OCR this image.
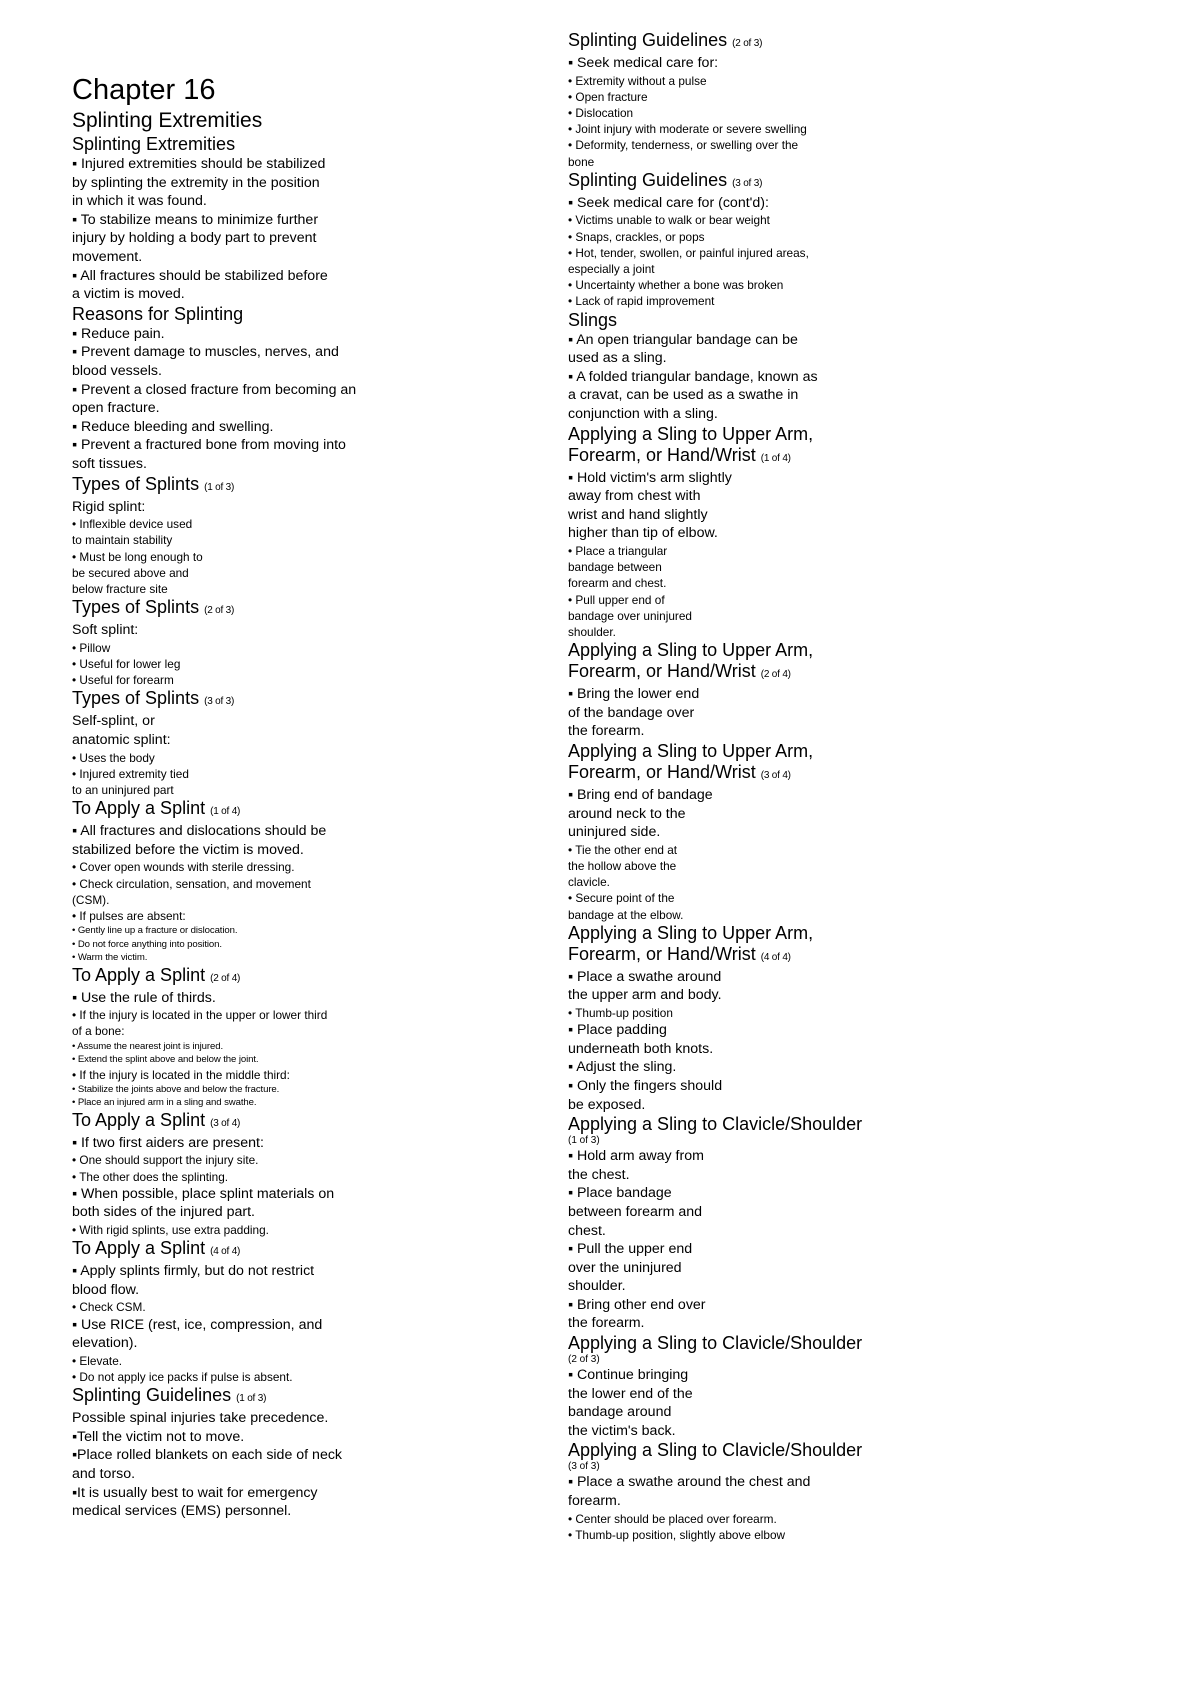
Chapter 16
Splinting Extremities
Splinting Extremities
▪ Injured extremities should be stabilized
by splinting the extremity in the position
in which it was found.
▪ To stabilize means to minimize further
injury by holding a body part to prevent
movement.
▪ All fractures should be stabilized before
a victim is moved.
Reasons for Splinting
▪ Reduce pain.
▪ Prevent damage to muscles, nerves, and
blood vessels.
▪ Prevent a closed fracture from becoming an
open fracture.
▪ Reduce bleeding and swelling.
▪ Prevent a fractured bone from moving into
soft tissues.
Types of Splints (1 of 3)
Rigid splint:
• Inflexible device used
to maintain stability
• Must be long enough to
be secured above and
below fracture site
Types of Splints (2 of 3)
Soft splint:
• Pillow
• Useful for lower leg
• Useful for forearm
Types of Splints (3 of 3)
Self-splint, or
anatomic splint:
• Uses the body
• Injured extremity tied
to an uninjured part
To Apply a Splint (1 of 4)
▪ All fractures and dislocations should be
stabilized before the victim is moved.
• Cover open wounds with sterile dressing.
• Check circulation, sensation, and movement
(CSM).
• If pulses are absent:
• Gently line up a fracture or dislocation.
• Do not force anything into position.
• Warm the victim.
To Apply a Splint (2 of 4)
▪ Use the rule of thirds.
• If the injury is located in the upper or lower third
of a bone:
• Assume the nearest joint is injured.
• Extend the splint above and below the joint.
• If the injury is located in the middle third:
• Stabilize the joints above and below the fracture.
• Place an injured arm in a sling and swathe.
To Apply a Splint (3 of 4)
▪ If two first aiders are present:
• One should support the injury site.
• The other does the splinting.
▪ When possible, place splint materials on
both sides of the injured part.
• With rigid splints, use extra padding.
To Apply a Splint (4 of 4)
▪ Apply splints firmly, but do not restrict
blood flow.
• Check CSM.
▪ Use RICE (rest, ice, compression, and
elevation).
• Elevate.
• Do not apply ice packs if pulse is absent.
Splinting Guidelines (1 of 3)
Possible spinal injuries take precedence.
▪Tell the victim not to move.
▪Place rolled blankets on each side of neck
and torso.
▪It is usually best to wait for emergency
medical services (EMS) personnel.
Splinting Guidelines (2 of 3)
▪ Seek medical care for:
• Extremity without a pulse
• Open fracture
• Dislocation
• Joint injury with moderate or severe swelling
• Deformity, tenderness, or swelling over the
bone
Splinting Guidelines (3 of 3)
▪ Seek medical care for (cont'd):
• Victims unable to walk or bear weight
• Snaps, crackles, or pops
• Hot, tender, swollen, or painful injured areas,
especially a joint
• Uncertainty whether a bone was broken
• Lack of rapid improvement
Slings
▪ An open triangular bandage can be
used as a sling.
▪ A folded triangular bandage, known as
a cravat, can be used as a swathe in
conjunction with a sling.
Applying a Sling to Upper Arm,
Forearm, or Hand/Wrist (1 of 4)
▪ Hold victim's arm slightly
away from chest with
wrist and hand slightly
higher than tip of elbow.
• Place a triangular
bandage between
forearm and chest.
• Pull upper end of
bandage over uninjured
shoulder.
Applying a Sling to Upper Arm,
Forearm, or Hand/Wrist (2 of 4)
▪ Bring the lower end
of the bandage over
the forearm.
Applying a Sling to Upper Arm,
Forearm, or Hand/Wrist (3 of 4)
▪ Bring end of bandage
around neck to the
uninjured side.
• Tie the other end at
the hollow above the
clavicle.
• Secure point of the
bandage at the elbow.
Applying a Sling to Upper Arm,
Forearm, or Hand/Wrist (4 of 4)
▪ Place a swathe around
the upper arm and body.
• Thumb-up position
▪ Place padding
underneath both knots.
▪ Adjust the sling.
▪ Only the fingers should
be exposed.
Applying a Sling to Clavicle/Shoulder
(1 of 3)
▪ Hold arm away from
the chest.
▪ Place bandage
between forearm and
chest.
▪ Pull the upper end
over the uninjured
shoulder.
▪ Bring other end over
the forearm.
Applying a Sling to Clavicle/Shoulder
(2 of 3)
▪ Continue bringing
the lower end of the
bandage around
the victim's back.
Applying a Sling to Clavicle/Shoulder
(3 of 3)
▪ Place a swathe around the chest and
forearm.
• Center should be placed over forearm.
• Thumb-up position, slightly above elbow
